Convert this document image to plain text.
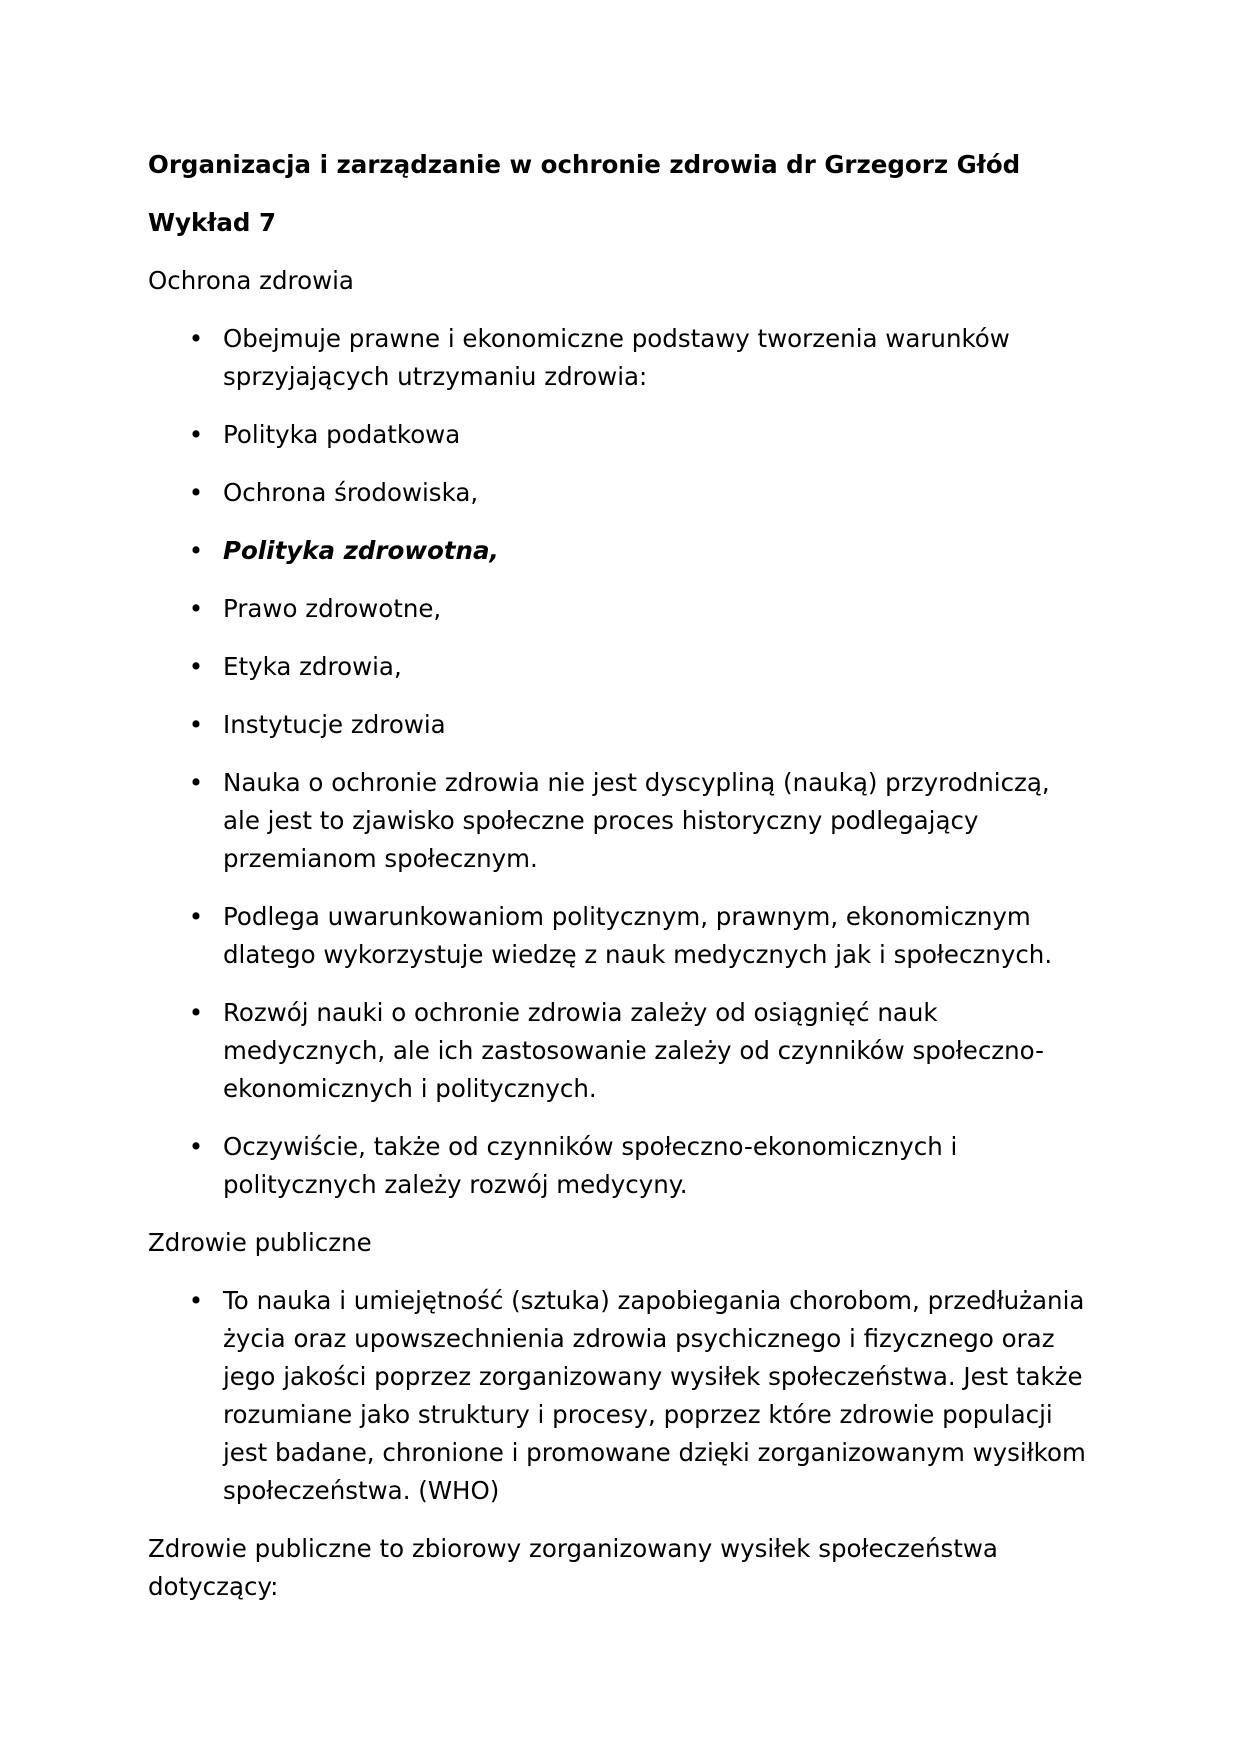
Organizacja i zarządzanie w ochronie zdrowia dr Grzegorz Głód
Wykład 7
Ochrona zdrowia
• Obejmuje prawne i ekonomiczne podstawy tworzenia warunków sprzyjających utrzymaniu zdrowia:
• Polityka podatkowa
• Ochrona środowiska,
• Polityka zdrowotna,
• Prawo zdrowotne,
• Etyka zdrowia,
• Instytucje zdrowia
• Nauka o ochronie zdrowia nie jest dyscypliną (nauką) przyrodniczą, ale jest to zjawisko społeczne proces historyczny podlegający przemianom społecznym.
• Podlega uwarunkowaniom politycznym, prawnym, ekonomicznym dlatego wykorzystuje wiedzę z nauk medycznych jak i społecznych.
• Rozwój nauki o ochronie zdrowia zależy od osiągnięć nauk medycznych, ale ich zastosowanie zależy od czynników społeczno-ekonomicznych i politycznych.
• Oczywiście, także od czynników społeczno-ekonomicznych i politycznych zależy rozwój medycyny.
Zdrowie publiczne
• To nauka i umiejętność (sztuka) zapobiegania chorobom, przedłużania życia oraz upowszechnienia zdrowia psychicznego i fizycznego oraz jego jakości poprzez zorganizowany wysiłek społeczeństwa. Jest także rozumiane jako struktury i procesy, poprzez które zdrowie populacji jest badane, chronione i promowane dzięki zorganizowanym wysiłkom społeczeństwa. (WHO)
Zdrowie publiczne to zbiorowy zorganizowany wysiłek społeczeństwa dotyczący:
